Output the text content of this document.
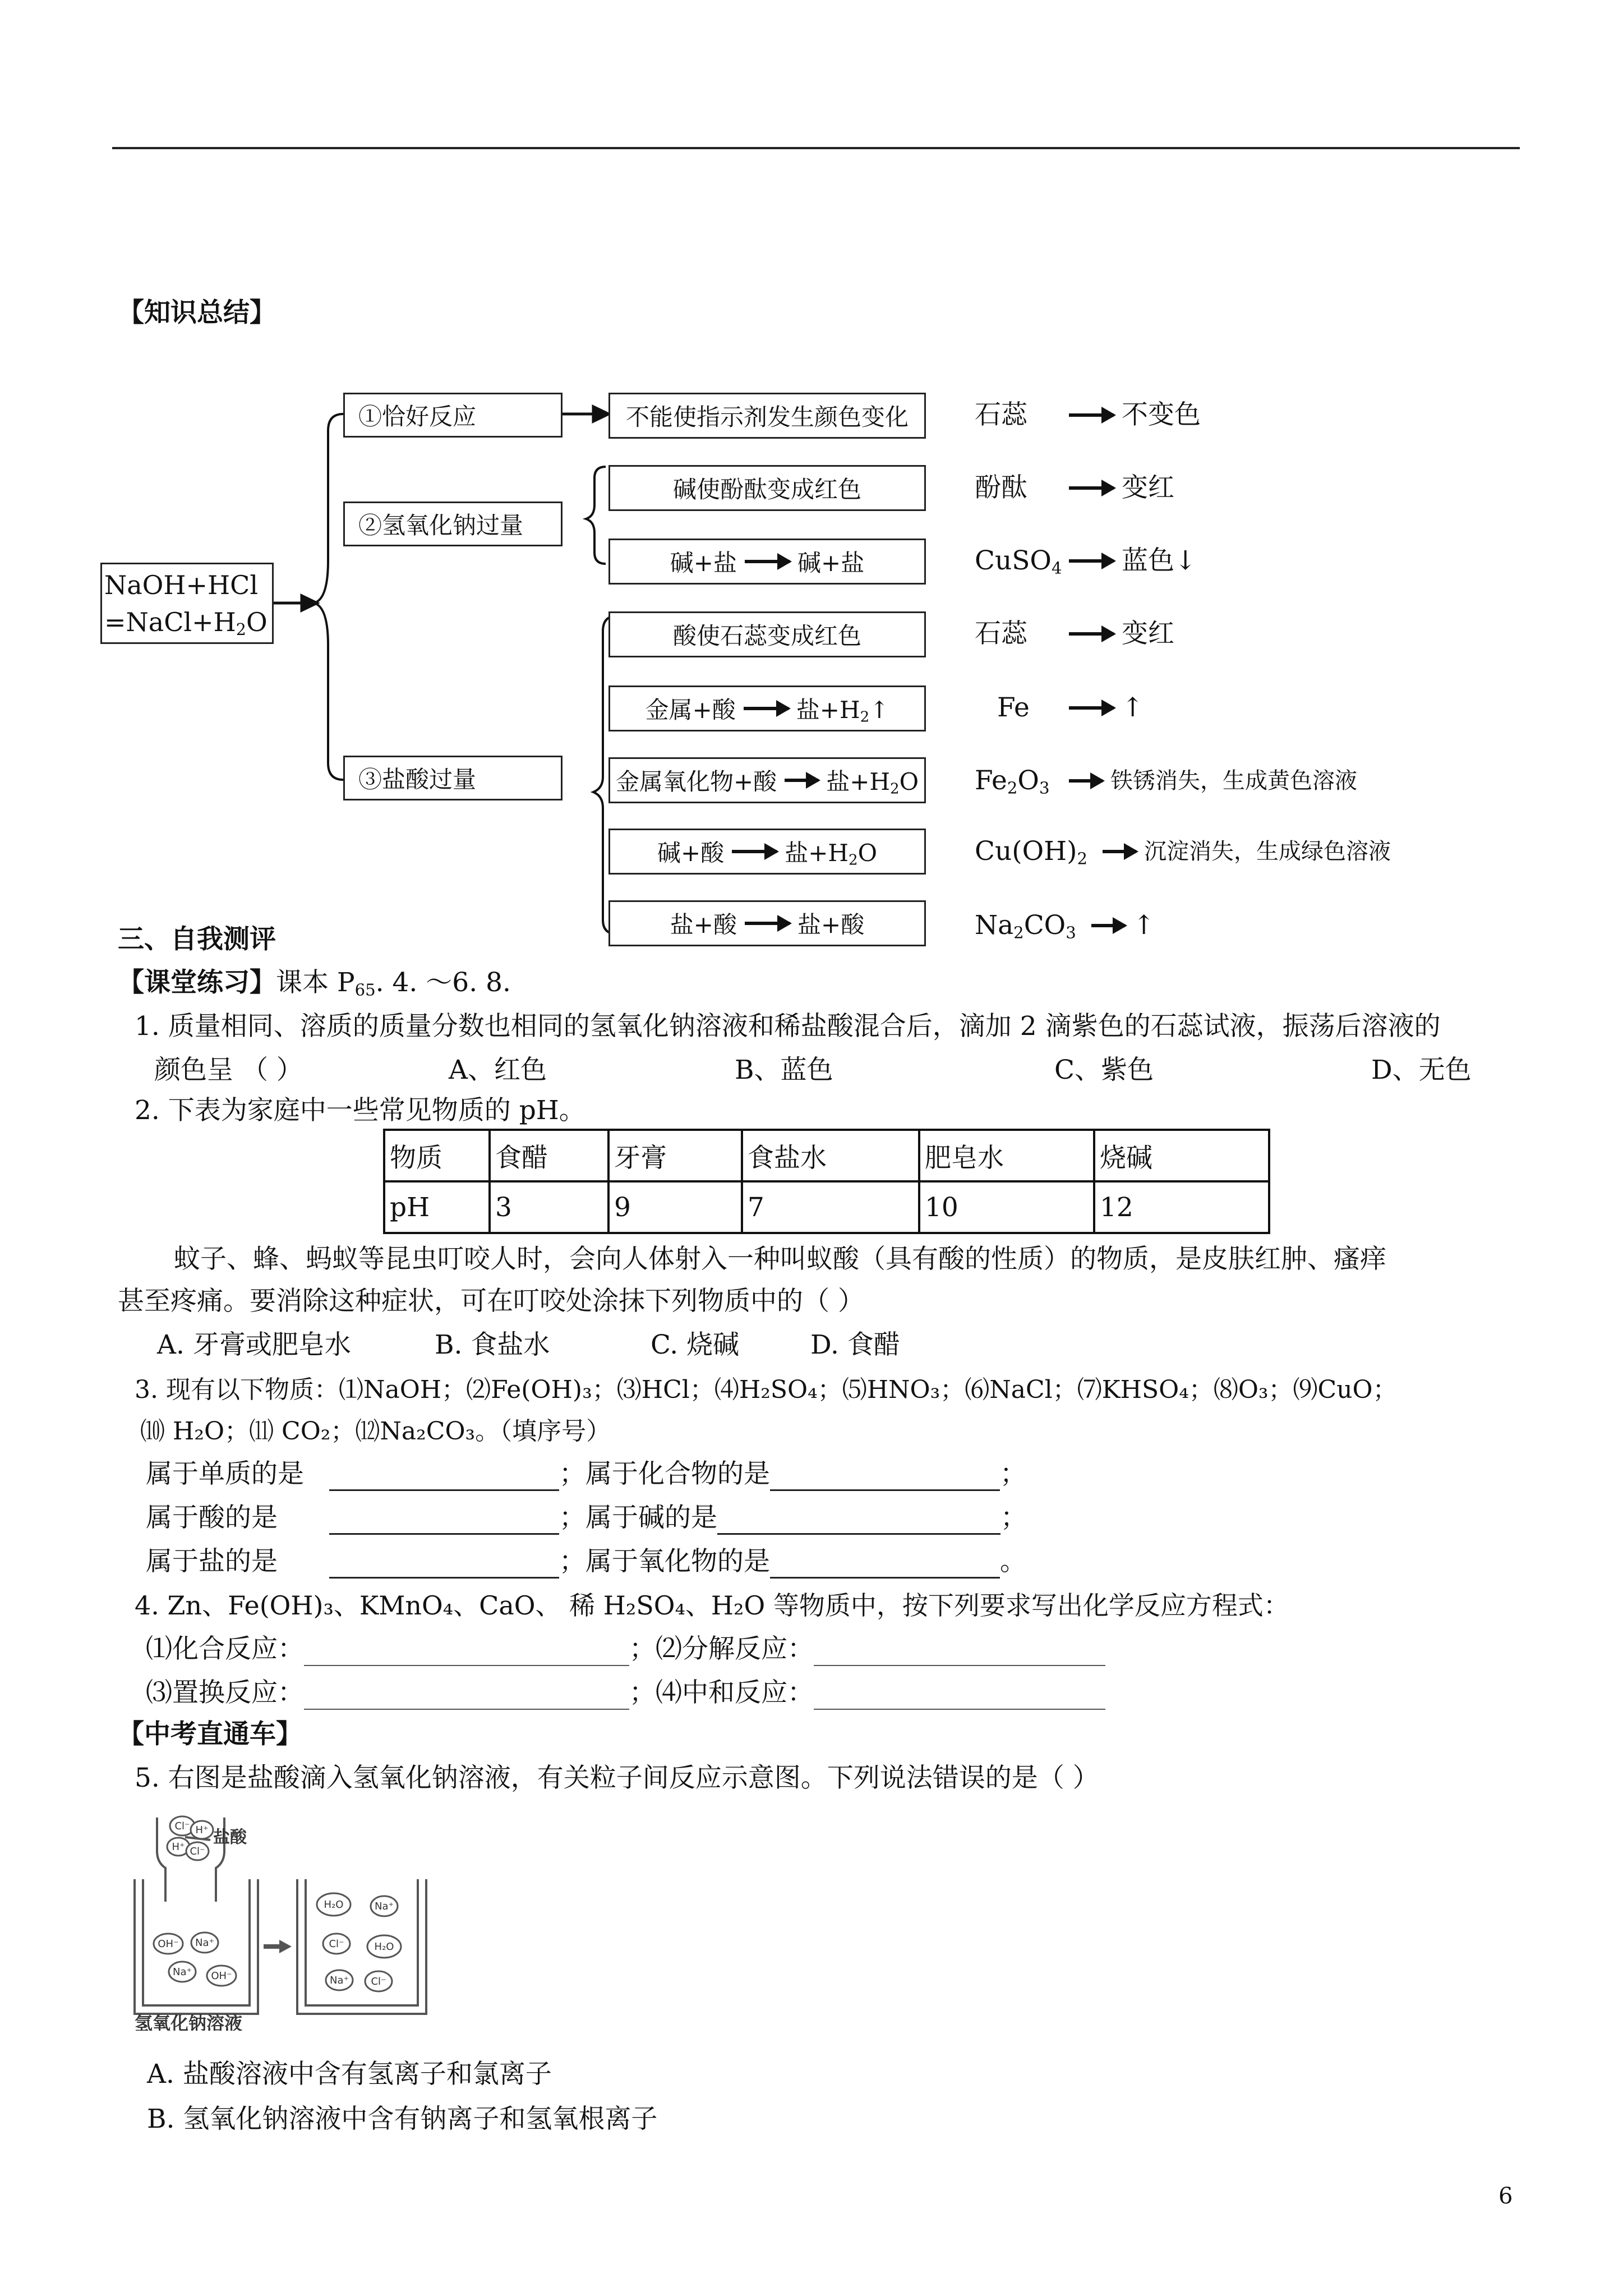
【知识总结】
NaOH+HCl
$=NaCl+H_2O$
①恰好反应
②氢氧化钠过量
③盐酸过量
不能使指示剂发生颜色变化
碱使酚酞变成红色
碱+盐	碱+盐
酸使石蕊变成红色
金属+酸	盐$+H_2↑$
金属氧化物+酸 盐$+H_2O$
碱+酸	盐$+H_2O$
盐+酸	盐+酸
石蕊	不变色
酚酞	变红
CuSO$_4$ 蓝色↓
石蕊	变红
Fe	↑
$Fe_2O_3$	铁锈消失，生成黄色溶液
$Cu(OH)_2$	沉淀消失，生成绿色溶液
$Na_2CO_3$ ↑
三、自我测评
【课堂练习】课本 $P_{65}$. 4. ～6. 8.
1. 质量相同、溶质的质量分数也相同的氢氧化钠溶液和稀盐酸混合后，滴加 2 滴紫色的石蕊试液，振荡后溶液的
颜色呈 （ ）	A、红色	B、蓝色	C、紫色	D、无色
2. 下表为家庭中一些常见物质的 pH。
物质	食醋	牙膏	食盐水	肥皂水	烧碱
pH	3	9	7	10	12
蚊子、蜂、蚂蚁等昆虫叮咬人时，会向人体射入一种叫蚁酸（具有酸的性质）的物质，是皮肤红肿、瘙痒
甚至疼痛。要消除这种症状，可在叮咬处涂抹下列物质中的（ ）
A. 牙膏或肥皂水	B. 食盐水	C. 烧碱	D. 食醋
3. 现有以下物质：⑴NaOH；⑵Fe(OH)₃；⑶HCl；⑷H₂SO₄；⑸HNO₃；⑹NaCl；⑺KHSO₄；⑻O₃；⑼CuO；
⑽ H₂O；⑾ CO₂；⑿Na₂CO₃。（填序号）
属于单质的是	；属于化合物的是	；
属于酸的是	；属于碱的是	；
属于盐的是	；属于氧化物的是	。
4. Zn、Fe(OH)₃、KMnO₄、CaO、 稀 H₂SO₄、H₂O 等物质中，按下列要求写出化学反应方程式：
⑴化合反应：	；⑵分解反应：
⑶置换反应：	；⑷中和反应：
【中考直通车】
5. 右图是盐酸滴入氢氧化钠溶液，有关粒子间反应示意图。下列说法错误的是（ ）
Cl⁻ H⁺
H⁺ Cl⁻
OH⁻ Na⁺
Na⁺ OH⁻
H₂O	Na⁺
Cl⁻	H₂O
Na⁺ Cl⁻
盐酸
氢氧化钠溶液
A. 盐酸溶液中含有氢离子和氯离子
B. 氢氧化钠溶液中含有钠离子和氢氧根离子
6
